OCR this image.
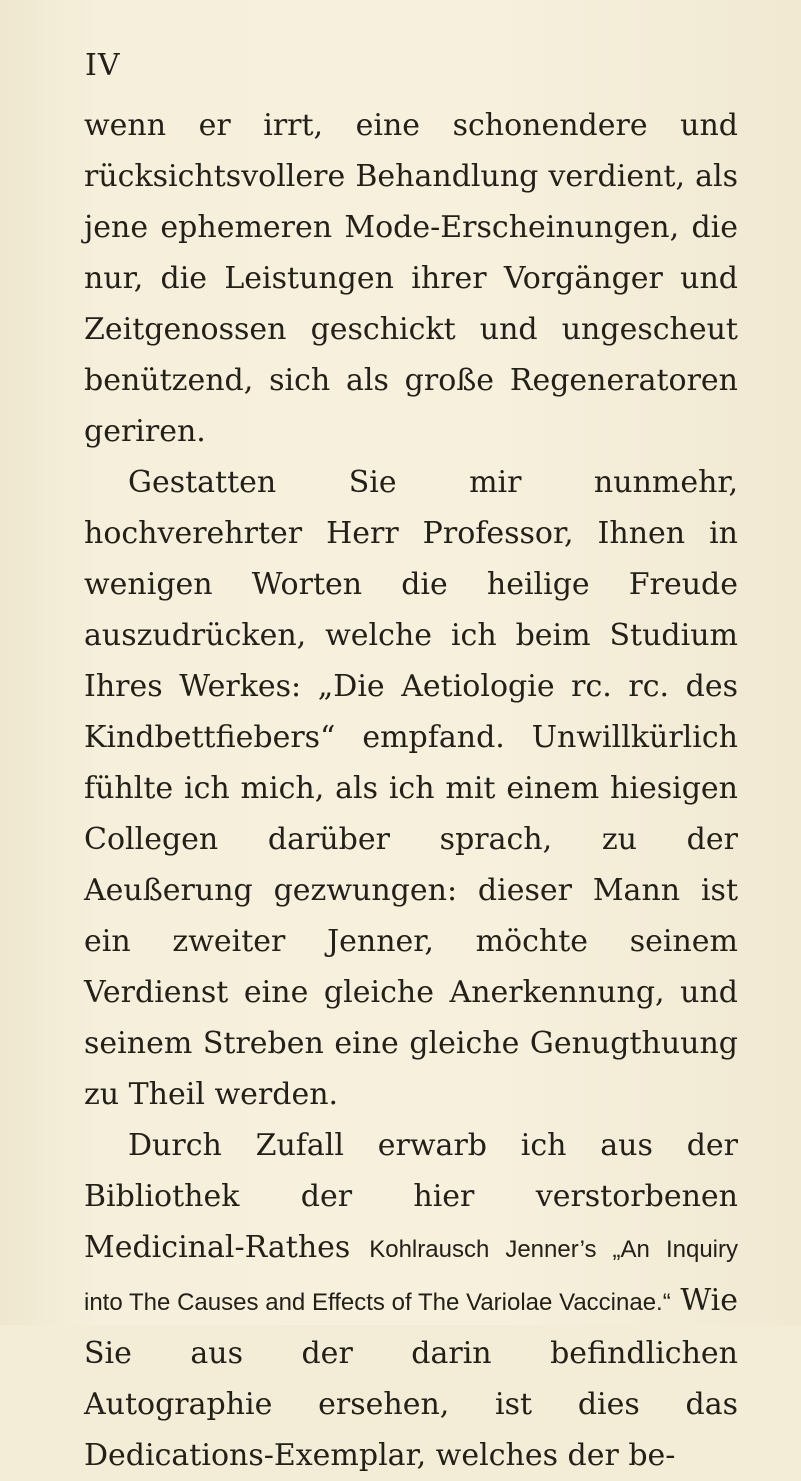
IV

wenn er irrt, eine schonendere und rücksichtsvollere Behandlung verdient, als jene ephemeren Mode-Erscheinungen, die nur, die Leistungen ihrer Vorgänger und Zeitgenossen geschickt und ungescheut benützend, sich als große Regeneratoren geriren.

Gestatten Sie mir nunmehr, hochverehrter Herr Professor, Ihnen in wenigen Worten die heilige Freude auszudrücken, welche ich beim Studium Ihres Werkes: „Die Aetiologie rc. rc. des Kindbettfiebers“ empfand. Unwillkürlich fühlte ich mich, als ich mit einem hiesigen Collegen darüber sprach, zu der Aeußerung gezwungen: dieser Mann ist ein zweiter Jenner, möchte seinem Verdienst eine gleiche Anerkennung, und seinem Streben eine gleiche Genugthuung zu Theil werden.

Durch Zufall erwarb ich aus der Bibliothek der hier verstorbenen Medicinal-Rathes Kohlrausch Jenner’s „An Inquiry into The Causes and Effects of The Variolae Vaccinae.“ Wie Sie aus der darin befindlichen Autographie ersehen, ist dies das Dedications-Exemplar, welches der be-
